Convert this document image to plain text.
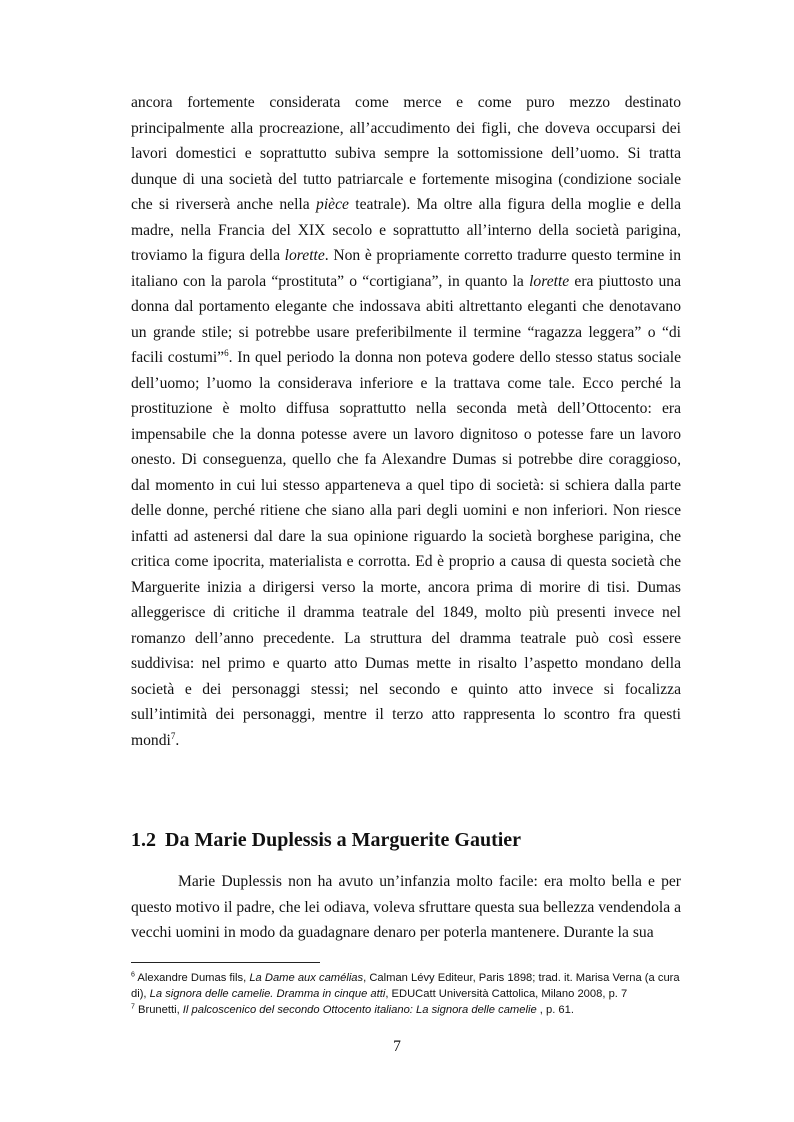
ancora fortemente considerata come merce e come puro mezzo destinato principalmente alla procreazione, all’accudimento dei figli, che doveva occuparsi dei lavori domestici e soprattutto subiva sempre la sottomissione dell’uomo. Si tratta dunque di una società del tutto patriarcale e fortemente misogina (condizione sociale che si riverserà anche nella pièce teatrale). Ma oltre alla figura della moglie e della madre, nella Francia del XIX secolo e soprattutto all’interno della società parigina, troviamo la figura della lorette. Non è propriamente corretto tradurre questo termine in italiano con la parola “prostituta” o “cortigiana”, in quanto la lorette era piuttosto una donna dal portamento elegante che indossava abiti altrettanto eleganti che denotavano un grande stile; si potrebbe usare preferibilmente il termine “ragazza leggera” o “di facili costumi”$^6$. In quel periodo la donna non poteva godere dello stesso status sociale dell’uomo; l’uomo la considerava inferiore e la trattava come tale. Ecco perché la prostituzione è molto diffusa soprattutto nella seconda metà dell’Ottocento: era impensabile che la donna potesse avere un lavoro dignitoso o potesse fare un lavoro onesto. Di conseguenza, quello che fa Alexandre Dumas si potrebbe dire coraggioso, dal momento in cui lui stesso apparteneva a quel tipo di società: si schiera dalla parte delle donne, perché ritiene che siano alla pari degli uomini e non inferiori. Non riesce infatti ad astenersi dal dare la sua opinione riguardo la società borghese parigina, che critica come ipocrita, materialista e corrotta. Ed è proprio a causa di questa società che Marguerite inizia a dirigersi verso la morte, ancora prima di morire di tisi. Dumas alleggerisce di critiche il dramma teatrale del 1849, molto più presenti invece nel romanzo dell’anno precedente. La struttura del dramma teatrale può così essere suddivisa: nel primo e quarto atto Dumas mette in risalto l’aspetto mondano della società e dei personaggi stessi; nel secondo e quinto atto invece si focalizza sull’intimità dei personaggi, mentre il terzo atto rappresenta lo scontro fra questi mondi$^7$.

1.2 Da Marie Duplessis a Marguerite Gautier

Marie Duplessis non ha avuto un’infanzia molto facile: era molto bella e per questo motivo il padre, che lei odiava, voleva sfruttare questa sua bellezza vendendola a vecchi uomini in modo da guadagnare denaro per poterla mantenere. Durante la sua

$^6$ Alexandre Dumas fils, La Dame aux camélias, Calman Lévy Editeur, Paris 1898; trad. it. Marisa Verna (a cura di), La signora delle camelie. Dramma in cinque atti, EDUCatt Università Cattolica, Milano 2008, p. 7

$^7$ Brunetti, Il palcoscenico del secondo Ottocento italiano: La signora delle camelie , p. 61.

7
